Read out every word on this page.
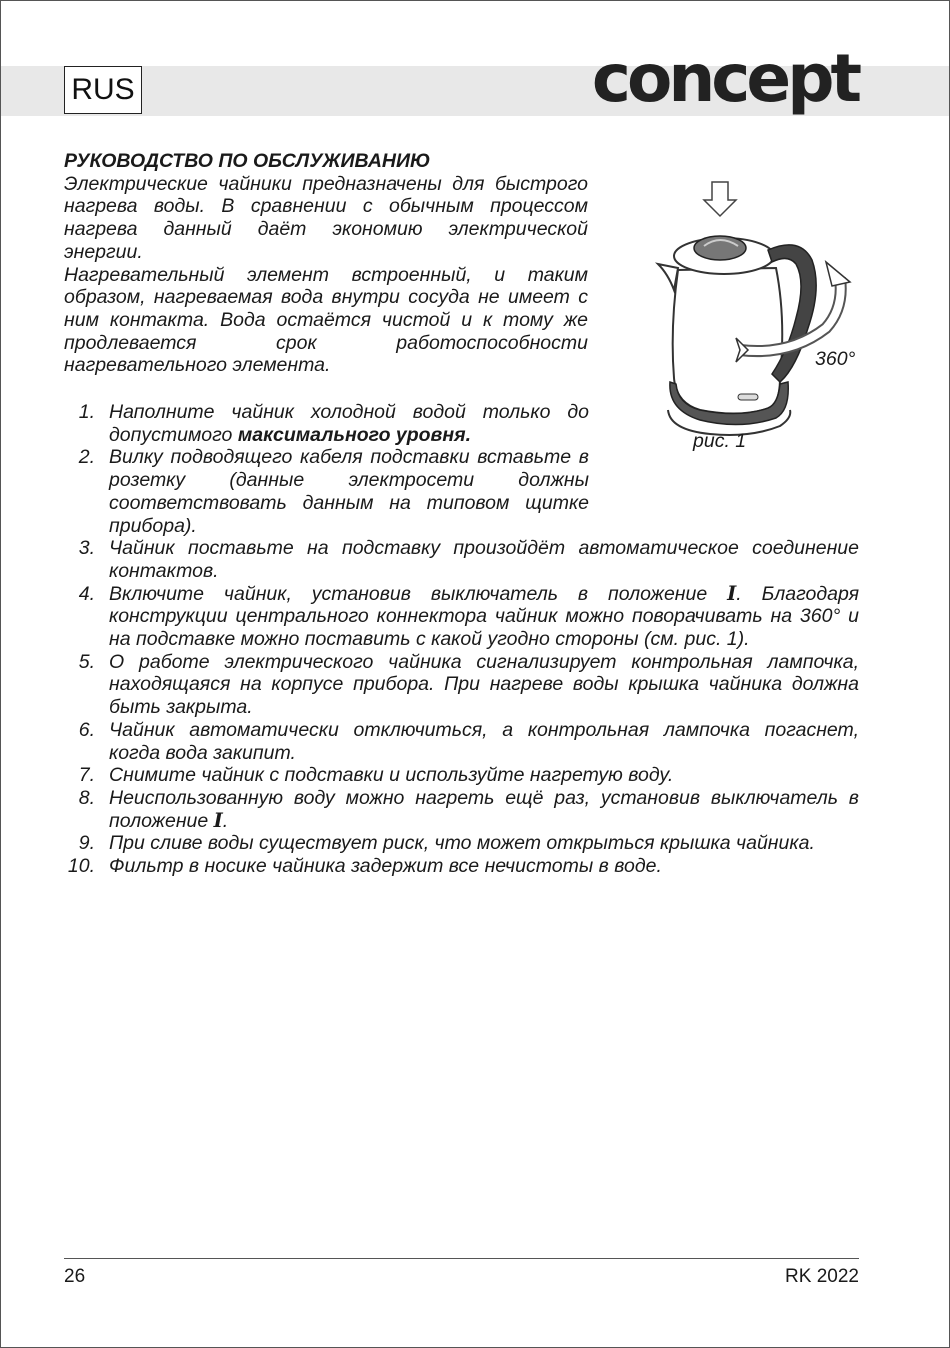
RUS	concept
РУКОВОДСТВО ПО ОБСЛУЖИВАНИЮ

Электрические чайники предназначены для быстрого нагрева воды. В сравнении с обычным процессом нагрева данный даёт экономию электрической энергии.

Нагревательный элемент встроенный, и таким образом, нагреваемая вода внутри сосуда не имеет с ним контакта. Вода остаётся чистой и к тому же продлевается срок работоспособности нагревательного элемента.

1. Наполните чайник холодной водой только до допустимого максимального уровня.
2. Вилку подводящего кабеля подставки вставьте в розетку (данные электросети должны соответствовать данным на типовом щитке прибора).
3. Чайник поставьте на подставку произойдёт автоматическое соединение контактов.
4. Включите чайник, установив выключатель в положение I. Благодаря конструкции центрального коннектора чайник можно поворачивать на 360° и на подставке можно поставить с какой угодно стороны (см. рис. 1).
5. О работе электрического чайника сигнализирует контрольная лампочка, находящаяся на корпусе прибора. При нагреве воды крышка чайника должна быть закрыта.
6. Чайник автоматически отключиться, а контрольная лампочка погаснет, когда вода закипит.
7. Снимите чайник с подставки и используйте нагретую воду.
8. Неиспользованную воду можно нагреть ещё раз, установив выключатель в положение I.
9. При сливе воды существует риск, что может открыться крышка чайника.
10. Фильтр в носике чайника задержит все нечистоты в воде.
360°
рис. 1
26	RK 2022
